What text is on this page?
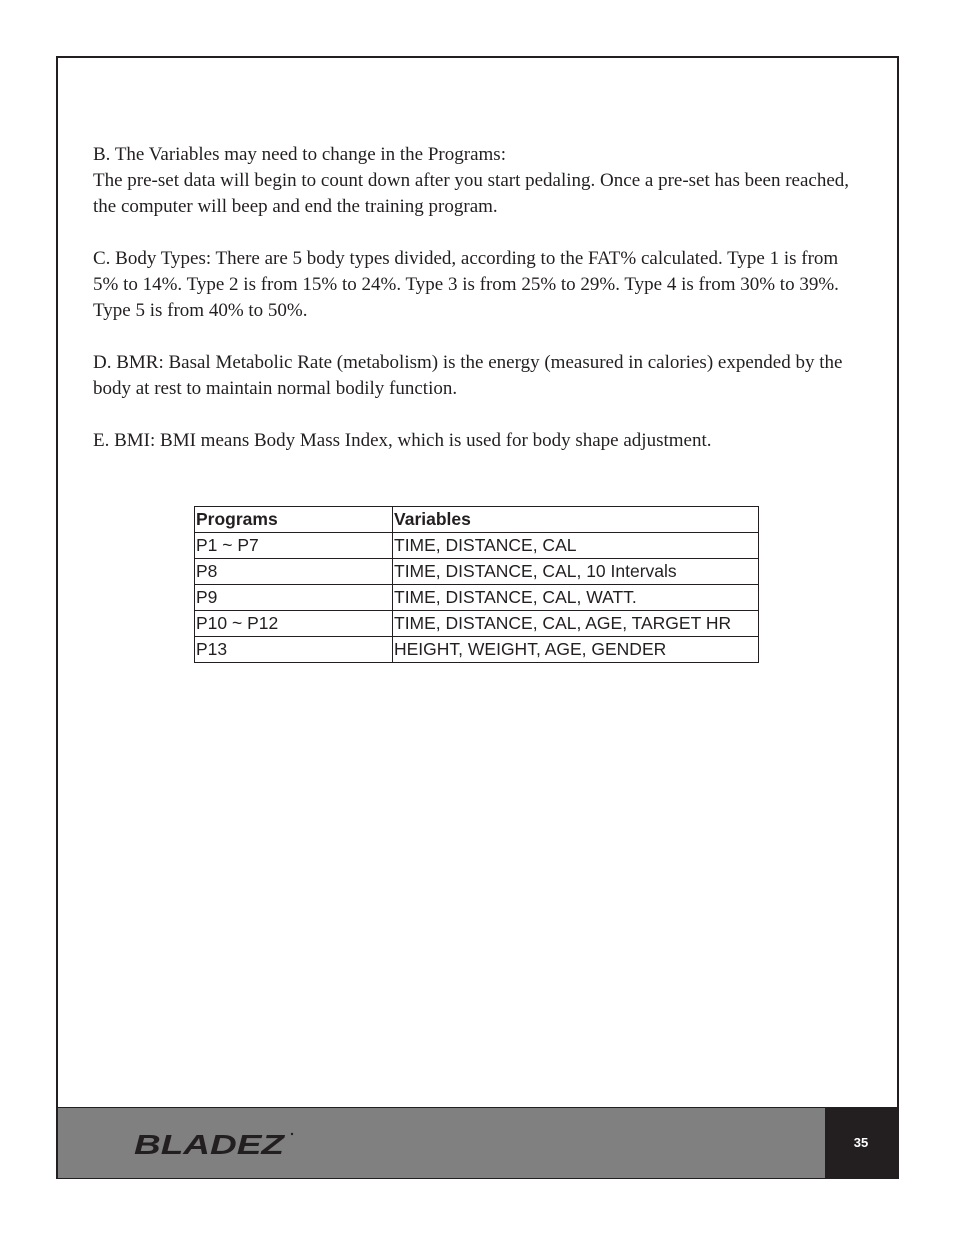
B. The Variables may need to change in the Programs:
The pre-set data will begin to count down after you start pedaling. Once a pre-set has been reached, the computer will beep and end the training program.

C. Body Types: There are 5 body types divided, according to the FAT% calculated. Type 1 is from 5% to 14%. Type 2 is from 15% to 24%. Type 3 is from 25% to 29%. Type 4 is from 30% to 39%. Type 5 is from 40% to 50%.

D. BMR: Basal Metabolic Rate (metabolism) is the energy (measured in calories) expended by the body at rest to maintain normal bodily function.

E. BMI: BMI means Body Mass Index, which is used for body shape adjustment.

Programs	Variables
P1 ~ P7	TIME, DISTANCE, CAL
P8	TIME, DISTANCE, CAL, 10 Intervals
P9	TIME, DISTANCE, CAL, WATT.
P10 ~ P12	TIME, DISTANCE, CAL, AGE, TARGET HR
P13	HEIGHT, WEIGHT, AGE, GENDER
BLADEZ	35
